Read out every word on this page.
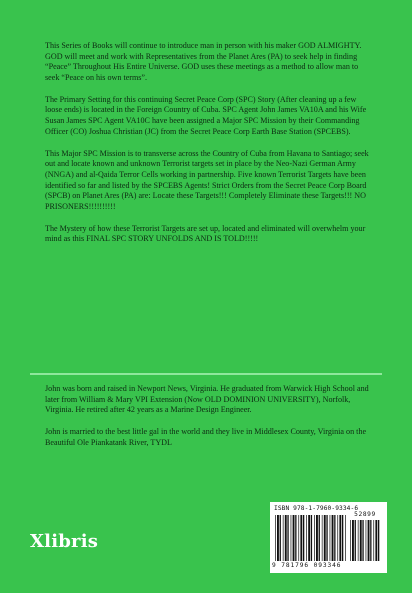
This Series of Books will continue to introduce man in person with his maker GOD ALMIGHTY. GOD will meet and work with Representatives from the Planet Ares (PA) to seek help in finding “Peace” Throughout His Entire Universe. GOD uses these meetings as a method to allow man to seek “Peace on his own terms”.

The Primary Setting for this continuing Secret Peace Corp (SPC) Story (After cleaning up a few loose ends) is located in the Foreign Country of Cuba. SPC Agent John James VA10A and his Wife Susan James SPC Agent VA10C have been assigned a Major SPC Mission by their Commanding Officer (CO) Joshua Christian (JC) from the Secret Peace Corp Earth Base Station (SPCEBS).

This Major SPC Mission is to transverse across the Country of Cuba from Havana to Santiago; seek out and locate known and unknown Terrorist targets set in place by the Neo-Nazi German Army (NNGA) and al-Qaida Terror Cells working in partnership. Five known Terrorist Targets have been identified so far and listed by the SPCEBS Agents! Strict Orders from the Secret Peace Corp Board (SPCB) on Planet Ares (PA) are: Locate these Targets!!! Completely Eliminate these Targets!!! NO PRISONERS!!!!!!!!!!

The Mystery of how these Terrorist Targets are set up, located and eliminated will overwhelm your mind as this FINAL SPC STORY UNFOLDS AND IS TOLD!!!!!

John was born and raised in Newport News, Virginia. He graduated from Warwick High School and later from William & Mary VPI Extension (Now OLD DOMINION UNIVERSITY), Norfolk, Virginia. He retired after 42 years as a Marine Design Engineer.

John is married to the best little gal in the world and they live in Middlesex County, Virginia on the Beautiful Ole Piankatank River, TYDL

Xlibris
ISBN 978-1-7960-9334-6
52899
9 781796 093346
